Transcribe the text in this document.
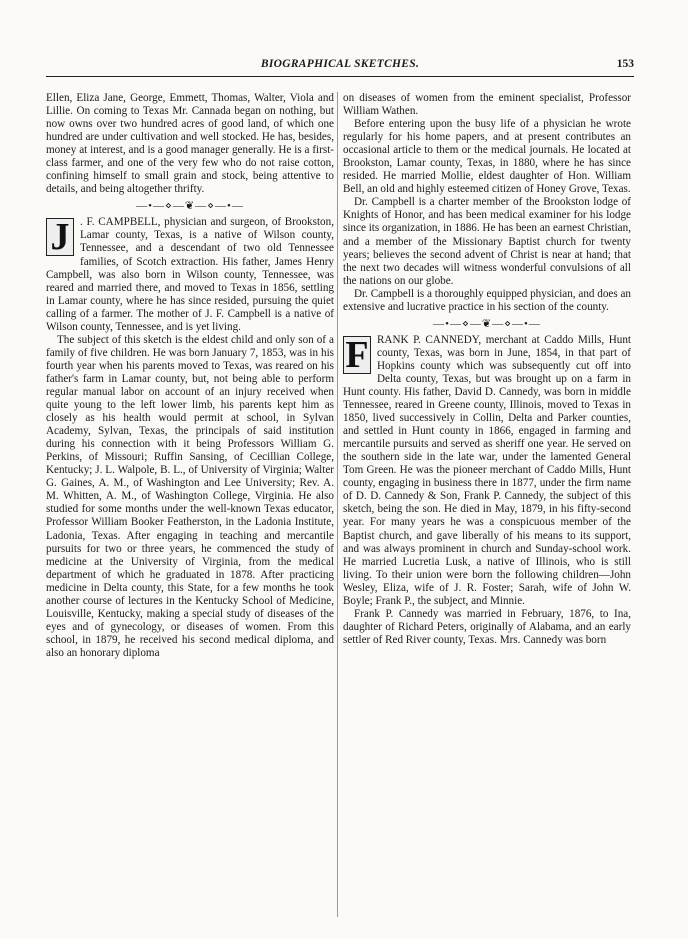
BIOGRAPHICAL SKETCHES.	153

Ellen, Eliza Jane, George, Emmett, Thomas, Walter, Viola and Lillie. On coming to Texas Mr. Cannada began on nothing, but now owns over two hundred acres of good land, of which one hundred are under cultivation and well stocked. He has, besides, money at interest, and is a good manager generally. He is a first-class farmer, and one of the very few who do not raise cotton, confining himself to small grain and stock, being attentive to details, and being altogether thrifty.

—•—⋄—❦—⋄—•—

J . F. CAMPBELL, physician and surgeon, of Brookston, Lamar county, Texas, is a native of Wilson county, Tennessee, and a descendant of two old Tennessee families, of Scotch extraction. His father, James Henry Campbell, was also born in Wilson county, Tennessee, was reared and married there, and moved to Texas in 1856, settling in Lamar county, where he has since resided, pursuing the quiet calling of a farmer. The mother of J. F. Campbell is a native of Wilson county, Tennessee, and is yet living.

The subject of this sketch is the eldest child and only son of a family of five children. He was born January 7, 1853, was in his fourth year when his parents moved to Texas, was reared on his father's farm in Lamar county, but, not being able to perform regular manual labor on account of an injury received when quite young to the left lower limb, his parents kept him as closely as his health would permit at school, in Sylvan Academy, Sylvan, Texas, the principals of said institution during his connection with it being Professors William G. Perkins, of Missouri; Ruffin Sansing, of Cecillian College, Kentucky; J. L. Walpole, B. L., of University of Virginia; Walter G. Gaines, A. M., of Washington and Lee University; Rev. A. M. Whitten, A. M., of Washington College, Virginia. He also studied for some months under the well-known Texas educator, Professor William Booker Featherston, in the Ladonia Institute, Ladonia, Texas. After engaging in teaching and mercantile pursuits for two or three years, he commenced the study of medicine at the University of Virginia, from the medical department of which he graduated in 1878. After practicing medicine in Delta county, this State, for a few months he took another course of lectures in the Kentucky School of Medicine, Louisville, Kentucky, making a special study of diseases of the eyes and of gynecology, or diseases of women. From this school, in 1879, he received his second medical diploma, and also an honorary diploma

on diseases of women from the eminent specialist, Professor William Wathen.

Before entering upon the busy life of a physician he wrote regularly for his home papers, and at present contributes an occasional article to them or the medical journals. He located at Brookston, Lamar county, Texas, in 1880, where he has since resided. He married Mollie, eldest daughter of Hon. William Bell, an old and highly esteemed citizen of Honey Grove, Texas.

Dr. Campbell is a charter member of the Brookston lodge of Knights of Honor, and has been medical examiner for his lodge since its organization, in 1886. He has been an earnest Christian, and a member of the Missionary Baptist church for twenty years; believes the second advent of Christ is near at hand; that the next two decades will witness wonderful convulsions of all the nations on our globe.

Dr. Campbell is a thoroughly equipped physician, and does an extensive and lucrative practice in his section of the county.

—•—⋄—❦—⋄—•—

F RANK P. CANNEDY, merchant at Caddo Mills, Hunt county, Texas, was born in June, 1854, in that part of Hopkins county which was subsequently cut off into Delta county, Texas, but was brought up on a farm in Hunt county. His father, David D. Cannedy, was born in middle Tennessee, reared in Greene county, Illinois, moved to Texas in 1850, lived successively in Collin, Delta and Parker counties, and settled in Hunt county in 1866, engaged in farming and mercantile pursuits and served as sheriff one year. He served on the southern side in the late war, under the lamented General Tom Green. He was the pioneer merchant of Caddo Mills, Hunt county, engaging in business there in 1877, under the firm name of D. D. Cannedy & Son, Frank P. Cannedy, the subject of this sketch, being the son. He died in May, 1879, in his fifty-second year. For many years he was a conspicuous member of the Baptist church, and gave liberally of his means to its support, and was always prominent in church and Sunday-school work. He married Lucretia Lusk, a native of Illinois, who is still living. To their union were born the following children—John Wesley, Eliza, wife of J. R. Foster; Sarah, wife of John W. Boyle; Frank P., the subject, and Minnie.

Frank P. Cannedy was married in February, 1876, to Ina, daughter of Richard Peters, originally of Alabama, and an early settler of Red River county, Texas. Mrs. Cannedy was born
